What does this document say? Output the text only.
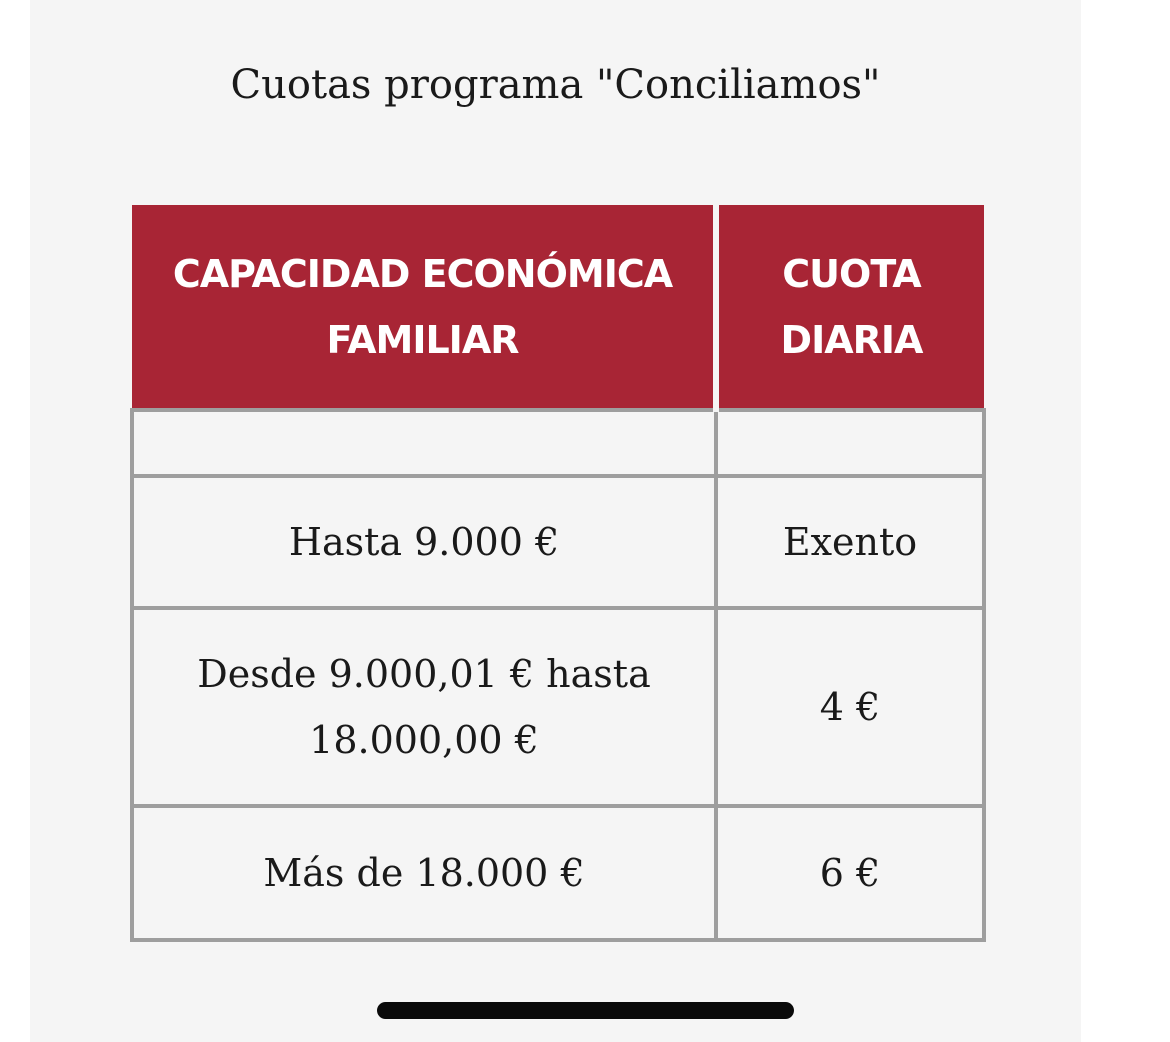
Cuotas programa "Conciliamos"
CAPACIDAD ECONÓMICA FAMILIAR	CUOTA DIARIA

Hasta 9.000 €	Exento
Desde 9.000,01 € hasta 18.000,00 €	4 €
Más de 18.000 €	6 €
